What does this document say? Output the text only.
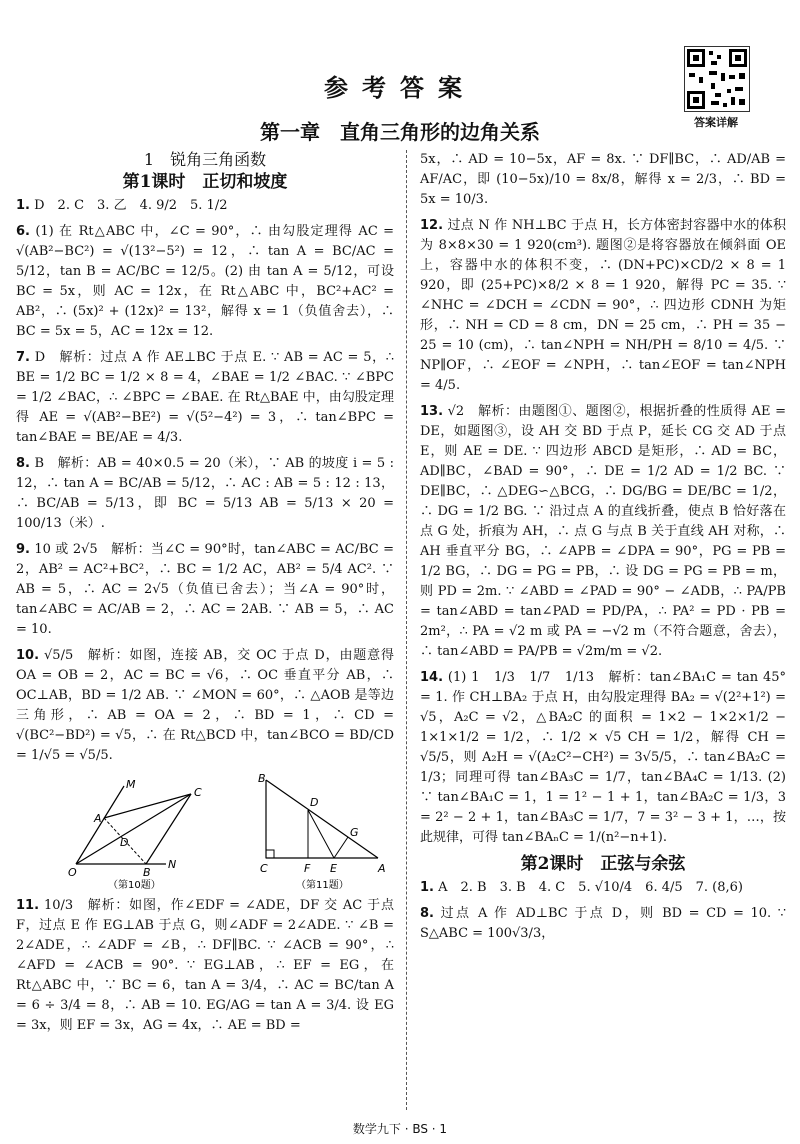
参考答案
第一章　直角三角形的边角关系	答案详解
1　锐角三角函数
第1课时　正切和坡度
1. D　2. C　3. 乙　4. 9/2　5. 1/2
6. (1) 在 Rt△ABC 中，∠C = 90°，∴ 由勾股定理得 AC = √(AB²−BC²) = √(13²−5²) = 12，∴ tan A = BC/AC = 5/12，tan B = AC/BC = 12/5。(2) 由 tan A = 5/12，可设 BC = 5x，则 AC = 12x，在 Rt△ABC 中，BC²+AC² = AB²，∴ (5x)² + (12x)² = 13²，解得 x = 1（负值舍去），∴ BC = 5x = 5，AC = 12x = 12.
7. D　解析：过点 A 作 AE⊥BC 于点 E. ∵ AB = AC = 5，∴ BE = 1/2 BC = 1/2 × 8 = 4，∠BAE = 1/2 ∠BAC. ∵ ∠BPC = 1/2 ∠BAC，∴ ∠BPC = ∠BAE. 在 Rt△BAE 中，由勾股定理得 AE = √(AB²−BE²) = √(5²−4²) = 3，∴ tan∠BPC = tan∠BAE = BE/AE = 4/3.
8. B　解析：AB = 40×0.5 = 20（米），∵ AB 的坡度 i = 5 : 12，∴ tan A = BC/AB = 5/12，∴ AC : AB = 5 : 12 : 13，∴ BC/AB = 5/13，即 BC = 5/13 AB = 5/13 × 20 = 100/13（米）.
9. 10 或 2√5　解析：当∠C = 90°时，tan∠ABC = AC/BC = 2，AB² = AC²+BC²，∴ BC = 1/2 AC，AB² = 5/4 AC². ∵ AB = 5，∴ AC = 2√5（负值已舍去）；当∠A = 90°时，tan∠ABC = AC/AB = 2，∴ AC = 2AB. ∵ AB = 5，∴ AC = 10.
10. √5/5　解析：如图，连接 AB，交 OC 于点 D，由题意得 OA = OB = 2，AC = BC = √6，∴ OC 垂直平分 AB，∴ OC⊥AB，BD = 1/2 AB. ∵ ∠MON = 60°，∴ △AOB 是等边三角形，∴ AB = OA = 2，∴ BD = 1，∴ CD = √(BC²−BD²) = √5，∴ 在 Rt△BCD 中，tan∠BCO = BD/CD = 1/√5 = √5/5.
M
A
C
D
B
O
N
（第10题）
B
D
G
C	F E	A
（第11题）
11. 10/3　解析：如图，作∠EDF = ∠ADE，DF 交 AC 于点 F，过点 E 作 EG⊥AB 于点 G，则∠ADF = 2∠ADE. ∵ ∠B = 2∠ADE，∴ ∠ADF = ∠B，∴ DF∥BC. ∵ ∠ACB = 90°，∴ ∠AFD = ∠ACB = 90°. ∵ EG⊥AB，∴ EF = EG，在 Rt△ABC 中，∵ BC = 6，tan A = 3/4，∴ AC = BC/tan A = 6 ÷ 3/4 = 8，∴ AB = 10. EG/AG = tan A = 3/4. 设 EG = 3x，则 EF = 3x，AG = 4x，∴ AE = BD =
5x，∴ AD = 10−5x，AF = 8x. ∵ DF∥BC，∴ AD/AB = AF/AC，即 (10−5x)/10 = 8x/8，解得 x = 2/3，∴ BD = 5x = 10/3.
12. 过点 N 作 NH⊥BC 于点 H，长方体密封容器中水的体积为 8×8×30 = 1 920(cm³). 题图②是将容器放在倾斜面 OE 上，容器中水的体积不变，∴ (DN+PC)×CD/2 × 8 = 1 920，即 (25+PC)×8/2 × 8 = 1 920，解得 PC = 35. ∵ ∠NHC = ∠DCH = ∠CDN = 90°，∴ 四边形 CDNH 为矩形，∴ NH = CD = 8 cm，DN = 25 cm，∴ PH = 35 − 25 = 10 (cm)，∴ tan∠NPH = NH/PH = 8/10 = 4/5. ∵ NP∥OF，∴ ∠EOF = ∠NPH，∴ tan∠EOF = tan∠NPH = 4/5.
13. √2　解析：由题图①、题图②，根据折叠的性质得 AE = DE，如题图③，设 AH 交 BD 于点 P，延长 CG 交 AD 于点 E，则 AE = DE. ∵ 四边形 ABCD 是矩形，∴ AD = BC，AD∥BC，∠BAD = 90°，∴ DE = 1/2 AD = 1/2 BC. ∵ DE∥BC，∴ △DEG∽△BCG，∴ DG/BG = DE/BC = 1/2，∴ DG = 1/2 BG. ∵ 沿过点 A 的直线折叠，使点 B 恰好落在点 G 处，折痕为 AH，∴ 点 G 与点 B 关于直线 AH 对称，∴ AH 垂直平分 BG，∴ ∠APB = ∠DPA = 90°，PG = PB = 1/2 BG，∴ DG = PG = PB，∴ 设 DG = PG = PB = m，则 PD = 2m. ∵ ∠ABD = ∠PAD = 90° − ∠ADB，∴ PA/PB = tan∠ABD = tan∠PAD = PD/PA，∴ PA² = PD · PB = 2m²，∴ PA = √2 m 或 PA = −√2 m（不符合题意，舍去），∴ tan∠ABD = PA/PB = √2m/m = √2.
14. (1) 1　1/3　1/7　1/13　解析：tan∠BA₁C = tan 45° = 1. 作 CH⊥BA₂ 于点 H，由勾股定理得 BA₂ = √(2²+1²) = √5，A₂C = √2，△BA₂C 的面积 = 1×2 − 1×2×1/2 − 1×1×1/2 = 1/2，∴ 1/2 × √5 CH = 1/2，解得 CH = √5/5，则 A₂H = √(A₂C²−CH²) = 3√5/5，∴ tan∠BA₂C = 1/3；同理可得 tan∠BA₃C = 1/7，tan∠BA₄C = 1/13. (2) ∵ tan∠BA₁C = 1，1 = 1² − 1 + 1，tan∠BA₂C = 1/3，3 = 2² − 2 + 1，tan∠BA₃C = 1/7，7 = 3² − 3 + 1，…，按此规律，可得 tan∠BAₙC = 1/(n²−n+1).
第2课时　正弦与余弦
1. A　2. B　3. B　4. C　5. √10/4　6. 4/5　7. (8,6)
8. 过点 A 作 AD⊥BC 于点 D，则 BD = CD = 10. ∵ S△ABC = 100√3/3，
数学九下 · BS · 1
